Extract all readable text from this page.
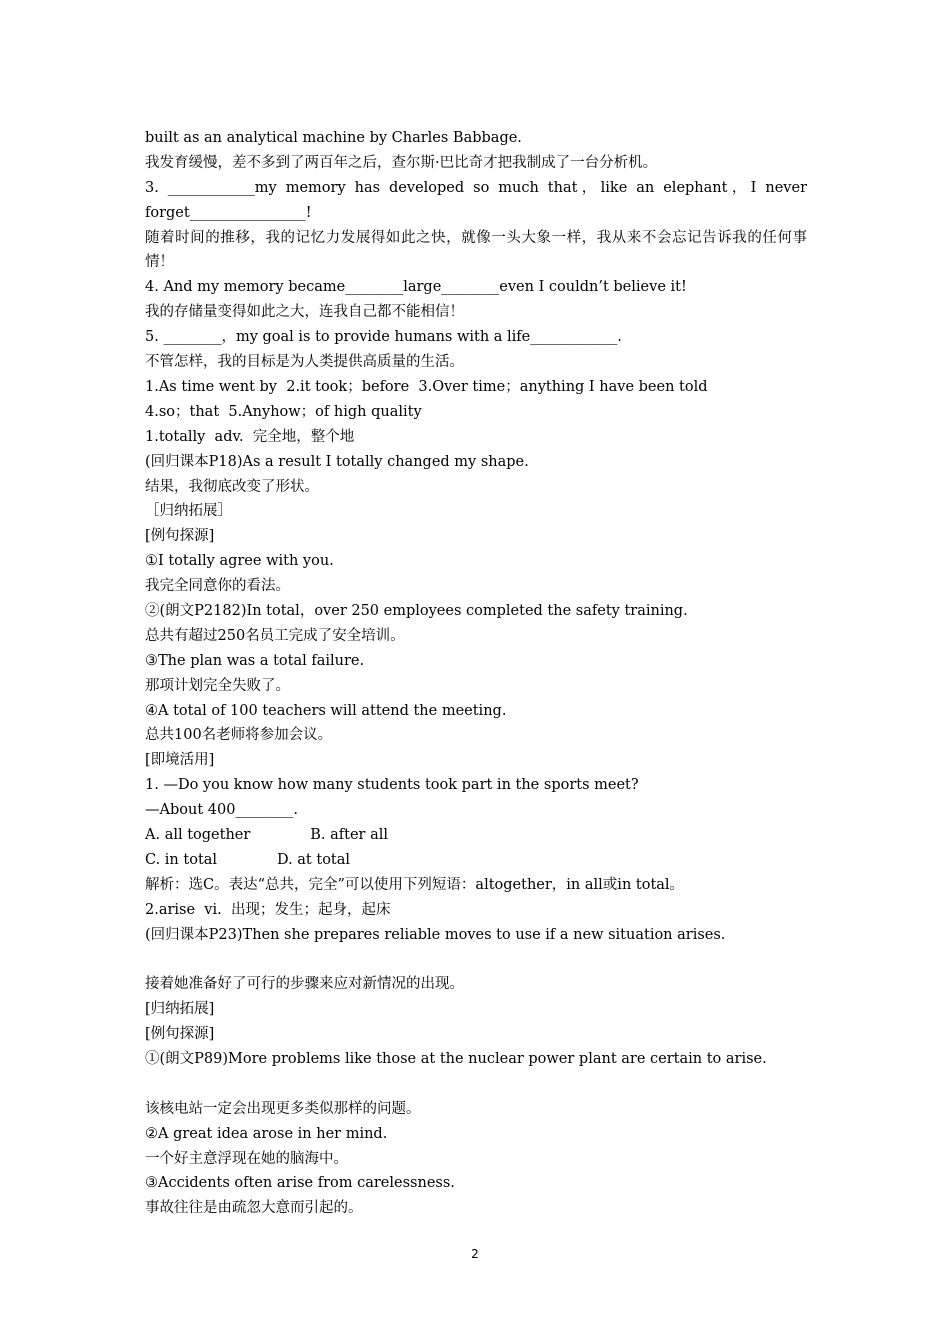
built as an analytical machine by Charles Babbage.
我发育缓慢，差不多到了两百年之后，查尔斯·巴比奇才把我制成了一台分析机。
3. ____________my memory has developed so much that，like an elephant，I never forget________________!
随着时间的推移，我的记忆力发展得如此之快，就像一头大象一样，我从来不会忘记告诉我的任何事情！
4. And my memory became________large________even I couldn’t believe it!
我的存储量变得如此之大，连我自己都不能相信！
5. ________，my goal is to provide humans with a life____________.
不管怎样，我的目标是为人类提供高质量的生活。
1.As time went by  2.it took；before  3.Over time；anything I have been told
4.so；that  5.Anyhow；of high quality
1.totally  adv.  完全地，整个地
(回归课本P18)As a result I totally changed my shape.
结果，我彻底改变了形状。
［归纳拓展］
[例句探源]
①I totally agree with you.
我完全同意你的看法。
②(朗文P2182)In total，over 250 employees completed the safety training.
总共有超过250名员工完成了安全培训。
③The plan was a total failure.
那项计划完全失败了。
④A total of 100 teachers will attend the meeting.
总共100名老师将参加会议。
[即境活用]
1. —Do you know how many students took part in the sports meet?
—About 400________.
A. all together             B. after all
C. in total             D. at total
解析：选C。表达“总共，完全”可以使用下列短语：altogether，in all或in total。
2.arise  vi.  出现；发生；起身，起床
(回归课本P23)Then she prepares reliable moves to use if a new situation arises.
接着她准备好了可行的步骤来应对新情况的出现。
[归纳拓展]
[例句探源]
①(朗文P89)More problems like those at the nuclear power plant are certain to arise.
该核电站一定会出现更多类似那样的问题。
②A great idea arose in her mind.
一个好主意浮现在她的脑海中。
③Accidents often arise from carelessness.
事故往往是由疏忽大意而引起的。
2
